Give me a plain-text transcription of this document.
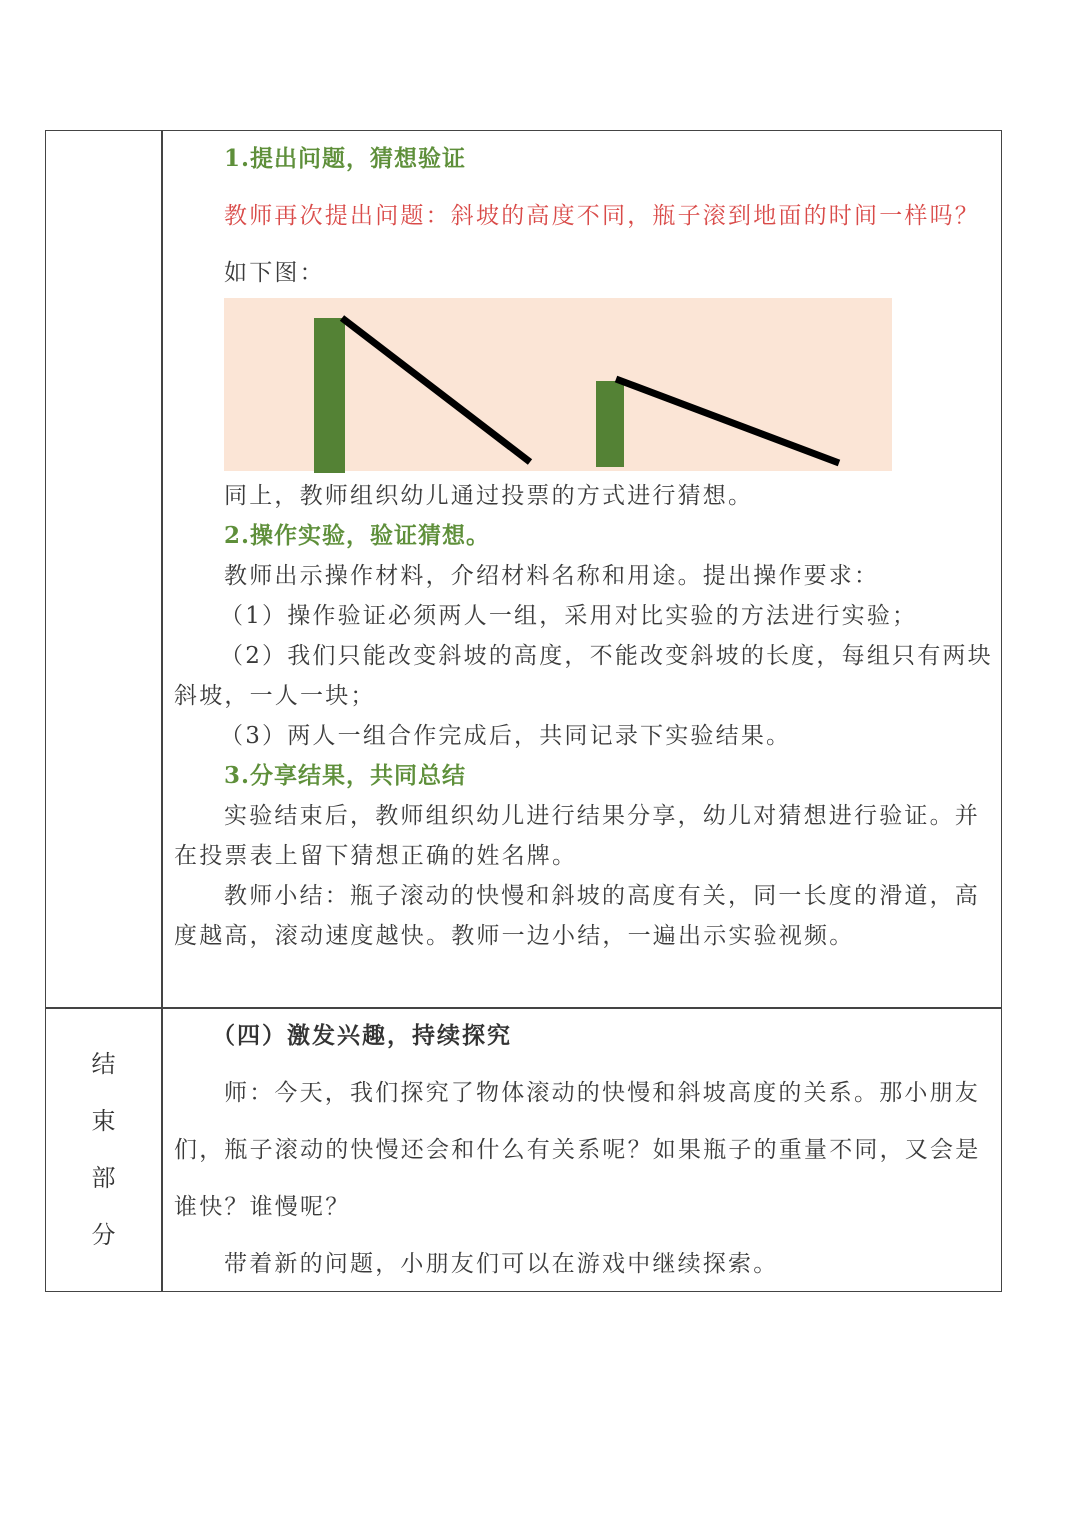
1.提出问题，猜想验证
教师再次提出问题：斜坡的高度不同，瓶子滚到地面的时间一样吗？
如下图：
同上，教师组织幼儿通过投票的方式进行猜想。
2.操作实验，验证猜想。
教师出示操作材料，介绍材料名称和用途。提出操作要求：
（1）操作验证必须两人一组，采用对比实验的方法进行实验；
（2）我们只能改变斜坡的高度，不能改变斜坡的长度，每组只有两块
斜坡，一人一块；
（3）两人一组合作完成后，共同记录下实验结果。
3.分享结果，共同总结
实验结束后，教师组织幼儿进行结果分享，幼儿对猜想进行验证。并
在投票表上留下猜想正确的姓名牌。
教师小结：瓶子滚动的快慢和斜坡的高度有关，同一长度的滑道，高
度越高，滚动速度越快。教师一边小结，一遍出示实验视频。
结
束
部
分
（四）激发兴趣，持续探究
师：今天，我们探究了物体滚动的快慢和斜坡高度的关系。那小朋友
们，瓶子滚动的快慢还会和什么有关系呢？如果瓶子的重量不同，又会是
谁快？谁慢呢？
带着新的问题，小朋友们可以在游戏中继续探索。
